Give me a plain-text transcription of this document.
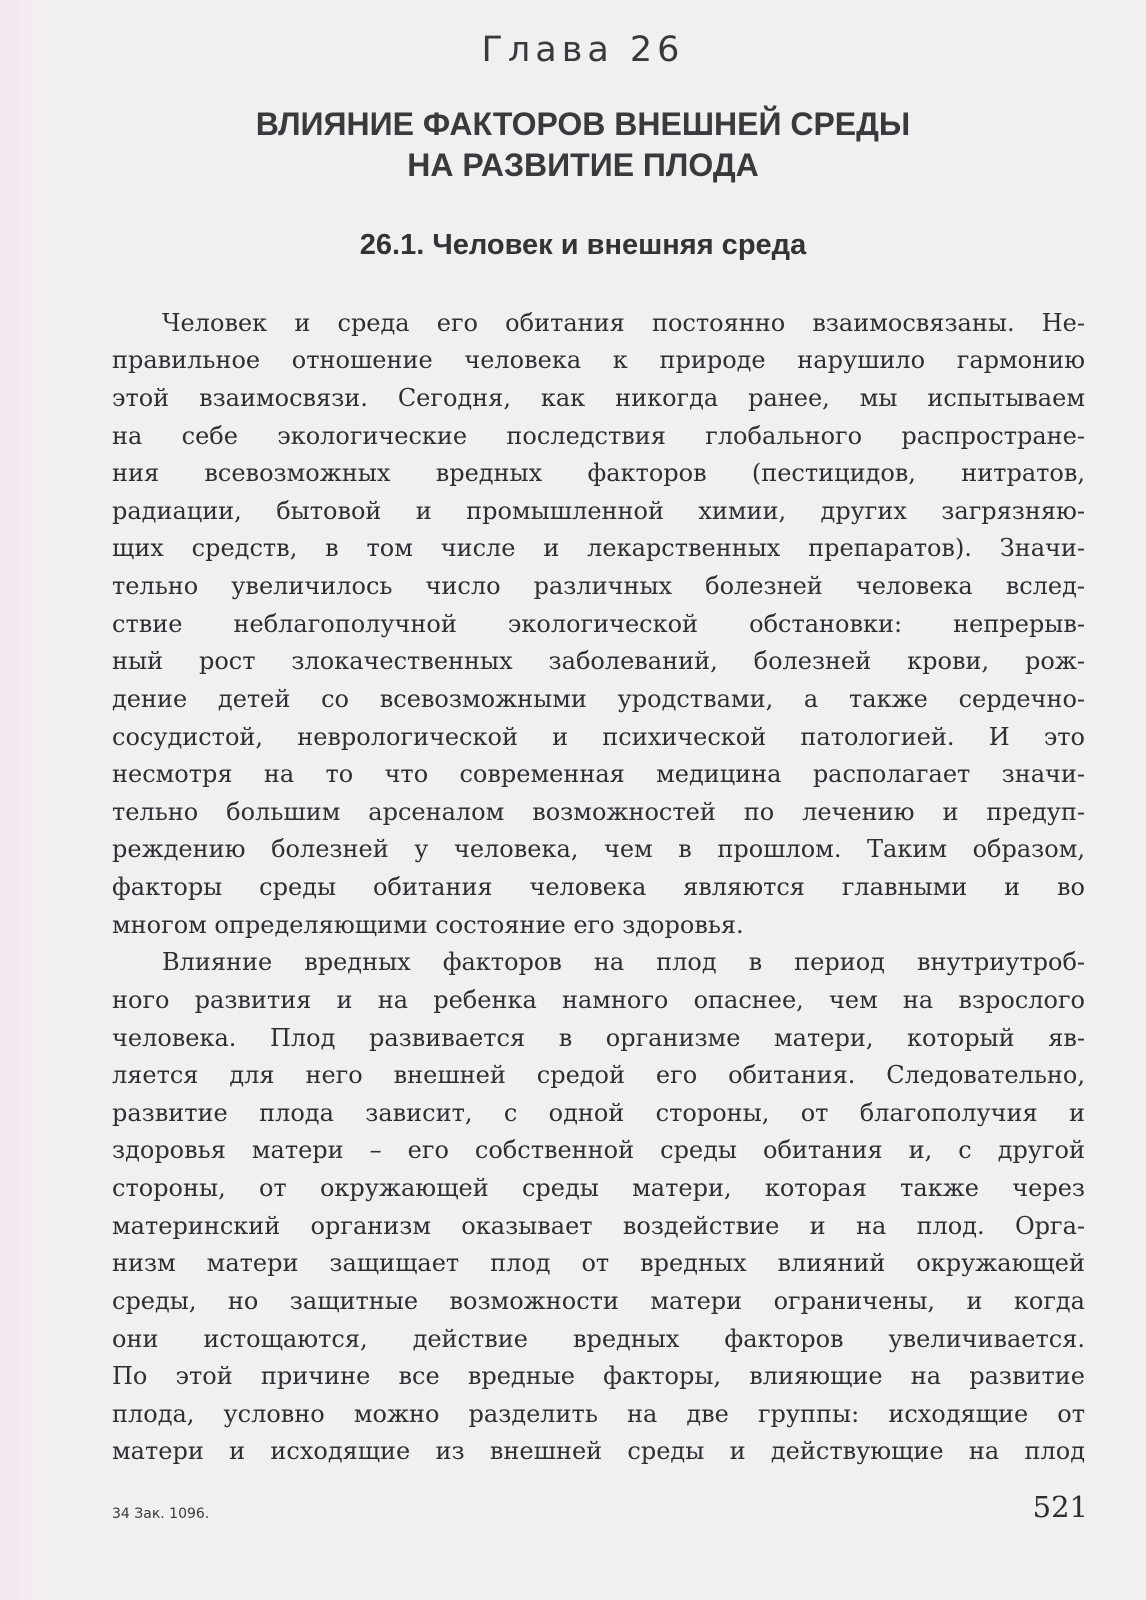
Глава 26
ВЛИЯНИЕ ФАКТОРОВ ВНЕШНЕЙ СРЕДЫ
НА РАЗВИТИЕ ПЛОДА
26.1. Человек и внешняя среда
Человек и среда его обитания постоянно взаимосвязаны. Не-
правильное отношение человека к природе нарушило гармонию
этой взаимосвязи. Сегодня, как никогда ранее, мы испытываем
на себе экологические последствия глобального распростране-
ния всевозможных вредных факторов (пестицидов, нитратов,
радиации, бытовой и промышленной химии, других загрязняю-
щих средств, в том числе и лекарственных препаратов). Значи-
тельно увеличилось число различных болезней человека вслед-
ствие неблагополучной экологической обстановки: непрерыв-
ный рост злокачественных заболеваний, болезней крови, рож-
дение детей со всевозможными уродствами, а также сердечно-
сосудистой, неврологической и психической патологией. И это
несмотря на то что современная медицина располагает значи-
тельно большим арсеналом возможностей по лечению и предуп-
реждению болезней у человека, чем в прошлом. Таким образом,
факторы среды обитания человека являются главными и во
многом определяющими состояние его здоровья.
Влияние вредных факторов на плод в период внутриутроб-
ного развития и на ребенка намного опаснее, чем на взрослого
человека. Плод развивается в организме матери, который яв-
ляется для него внешней средой его обитания. Следовательно,
развитие плода зависит, с одной стороны, от благополучия и
здоровья матери – его собственной среды обитания и, с другой
стороны, от окружающей среды матери, которая также через
материнский организм оказывает воздействие и на плод. Орга-
низм матери защищает плод от вредных влияний окружающей
среды, но защитные возможности матери ограничены, и когда
они истощаются, действие вредных факторов увеличивается.
По этой причине все вредные факторы, влияющие на развитие
плода, условно можно разделить на две группы: исходящие от
матери и исходящие из внешней среды и действующие на плод
34 Зак. 1096.	521
